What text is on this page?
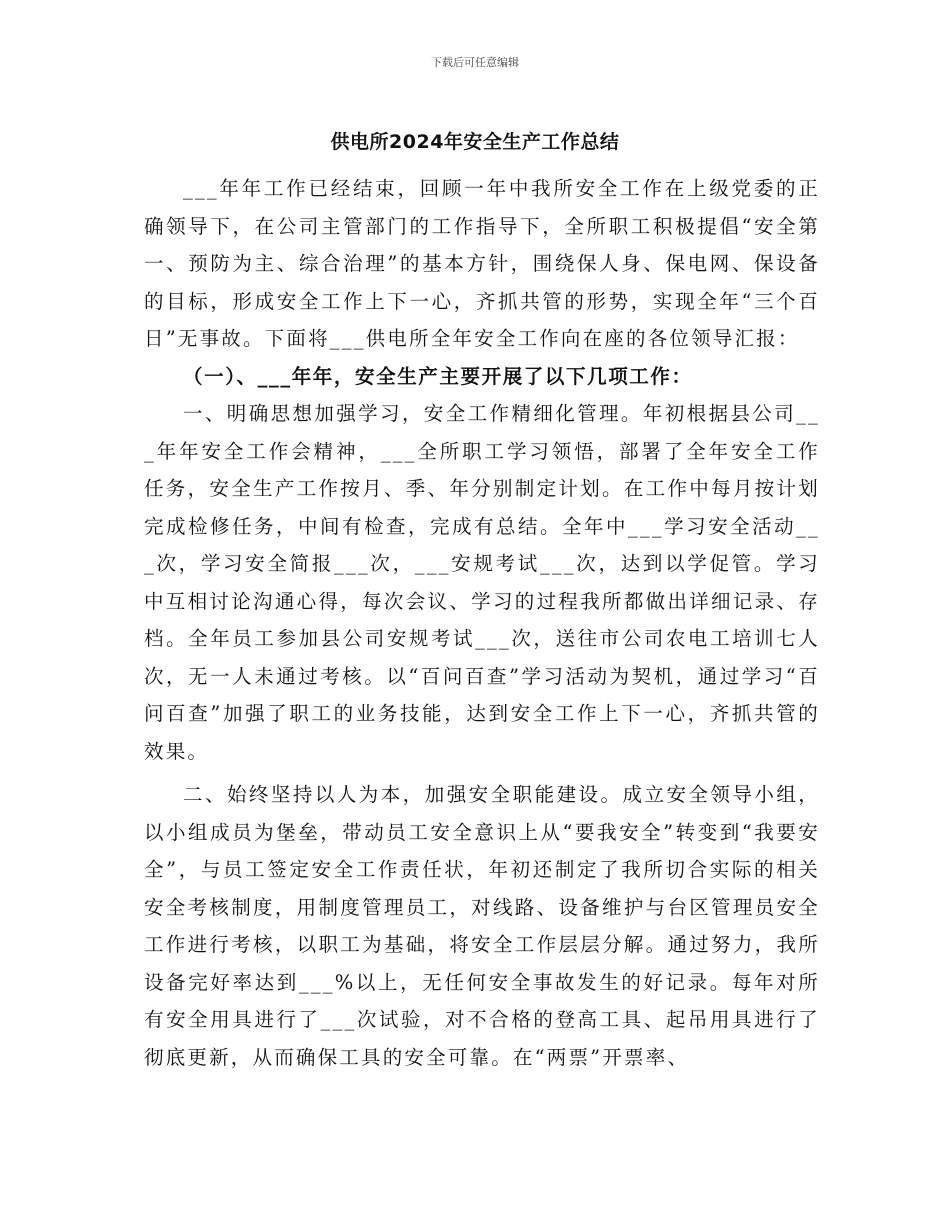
下载后可任意编辑
供电所2024年安全生产工作总结

___年年工作已经结束，回顾一年中我所安全工作在上级党委的正确领导下，在公司主管部门的工作指导下，全所职工积极提倡“安全第一、预防为主、综合治理”的基本方针，围绕保人身、保电网、保设备的目标，形成安全工作上下一心，齐抓共管的形势，实现全年“三个百日”无事故。下面将___供电所全年安全工作向在座的各位领导汇报：

（一）、___年年，安全生产主要开展了以下几项工作：

一、明确思想加强学习，安全工作精细化管理。年初根据县公司___年年安全工作会精神，___全所职工学习领悟，部署了全年安全工作任务，安全生产工作按月、季、年分别制定计划。在工作中每月按计划完成检修任务，中间有检查，完成有总结。全年中___学习安全活动___次，学习安全简报___次，___安规考试___次，达到以学促管。学习中互相讨论沟通心得，每次会议、学习的过程我所都做出详细记录、存档。全年员工参加县公司安规考试___次，送往市公司农电工培训七人次，无一人未通过考核。以“百问百查”学习活动为契机，通过学习“百问百查”加强了职工的业务技能，达到安全工作上下一心，齐抓共管的效果。

二、始终坚持以人为本，加强安全职能建设。成立安全领导小组，以小组成员为堡垒，带动员工安全意识上从“要我安全”转变到“我要安全”，与员工签定安全工作责任状，年初还制定了我所切合实际的相关安全考核制度，用制度管理员工，对线路、设备维护与台区管理员安全工作进行考核，以职工为基础，将安全工作层层分解。通过努力，我所设备完好率达到___%以上，无任何安全事故发生的好记录。每年对所有安全用具进行了___次试验，对不合格的登高工具、起吊用具进行了彻底更新，从而确保工具的安全可靠。在“两票”开票率、
